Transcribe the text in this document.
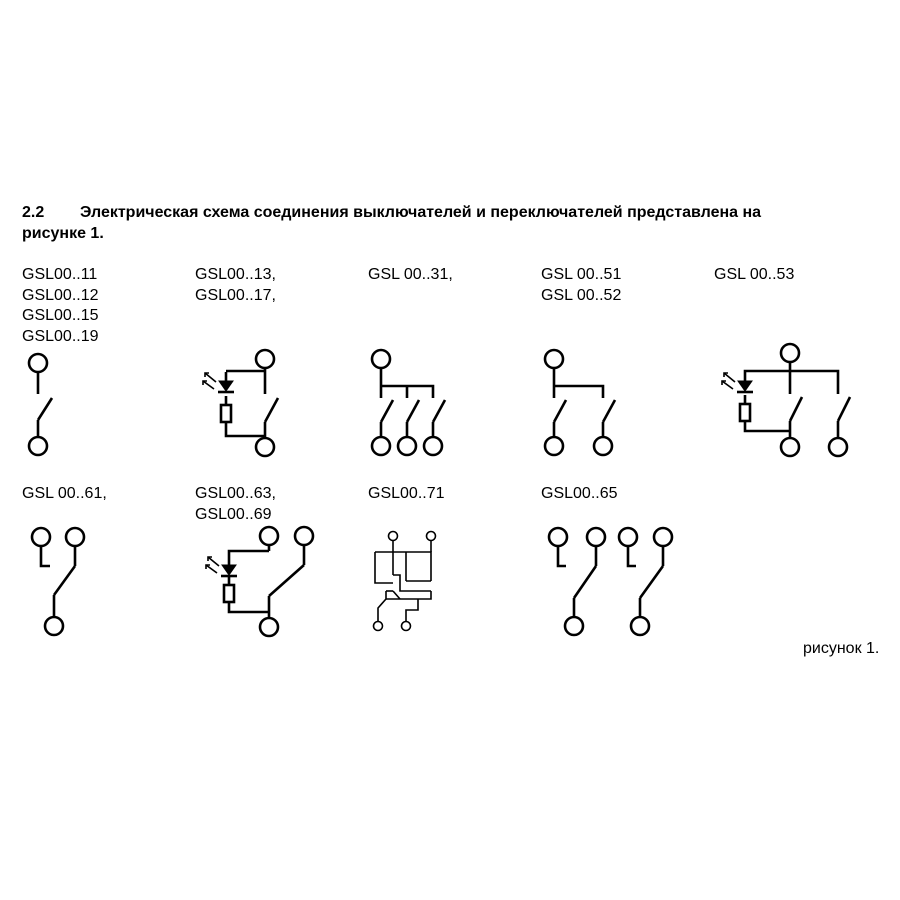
2.2 Электрическая схема соединения выключателей и переключателей представлена на
рисунке 1.
GSL00..11
GSL00..12
GSL00..15
GSL00..19
GSL00..13,
GSL00..17,
GSL 00..31,	GSL 00..51
GSL 00..52
GSL 00..53
GSL 00..61,	GSL00..63,
GSL00..69
GSL00..71	GSL00..65
рисунок 1.
